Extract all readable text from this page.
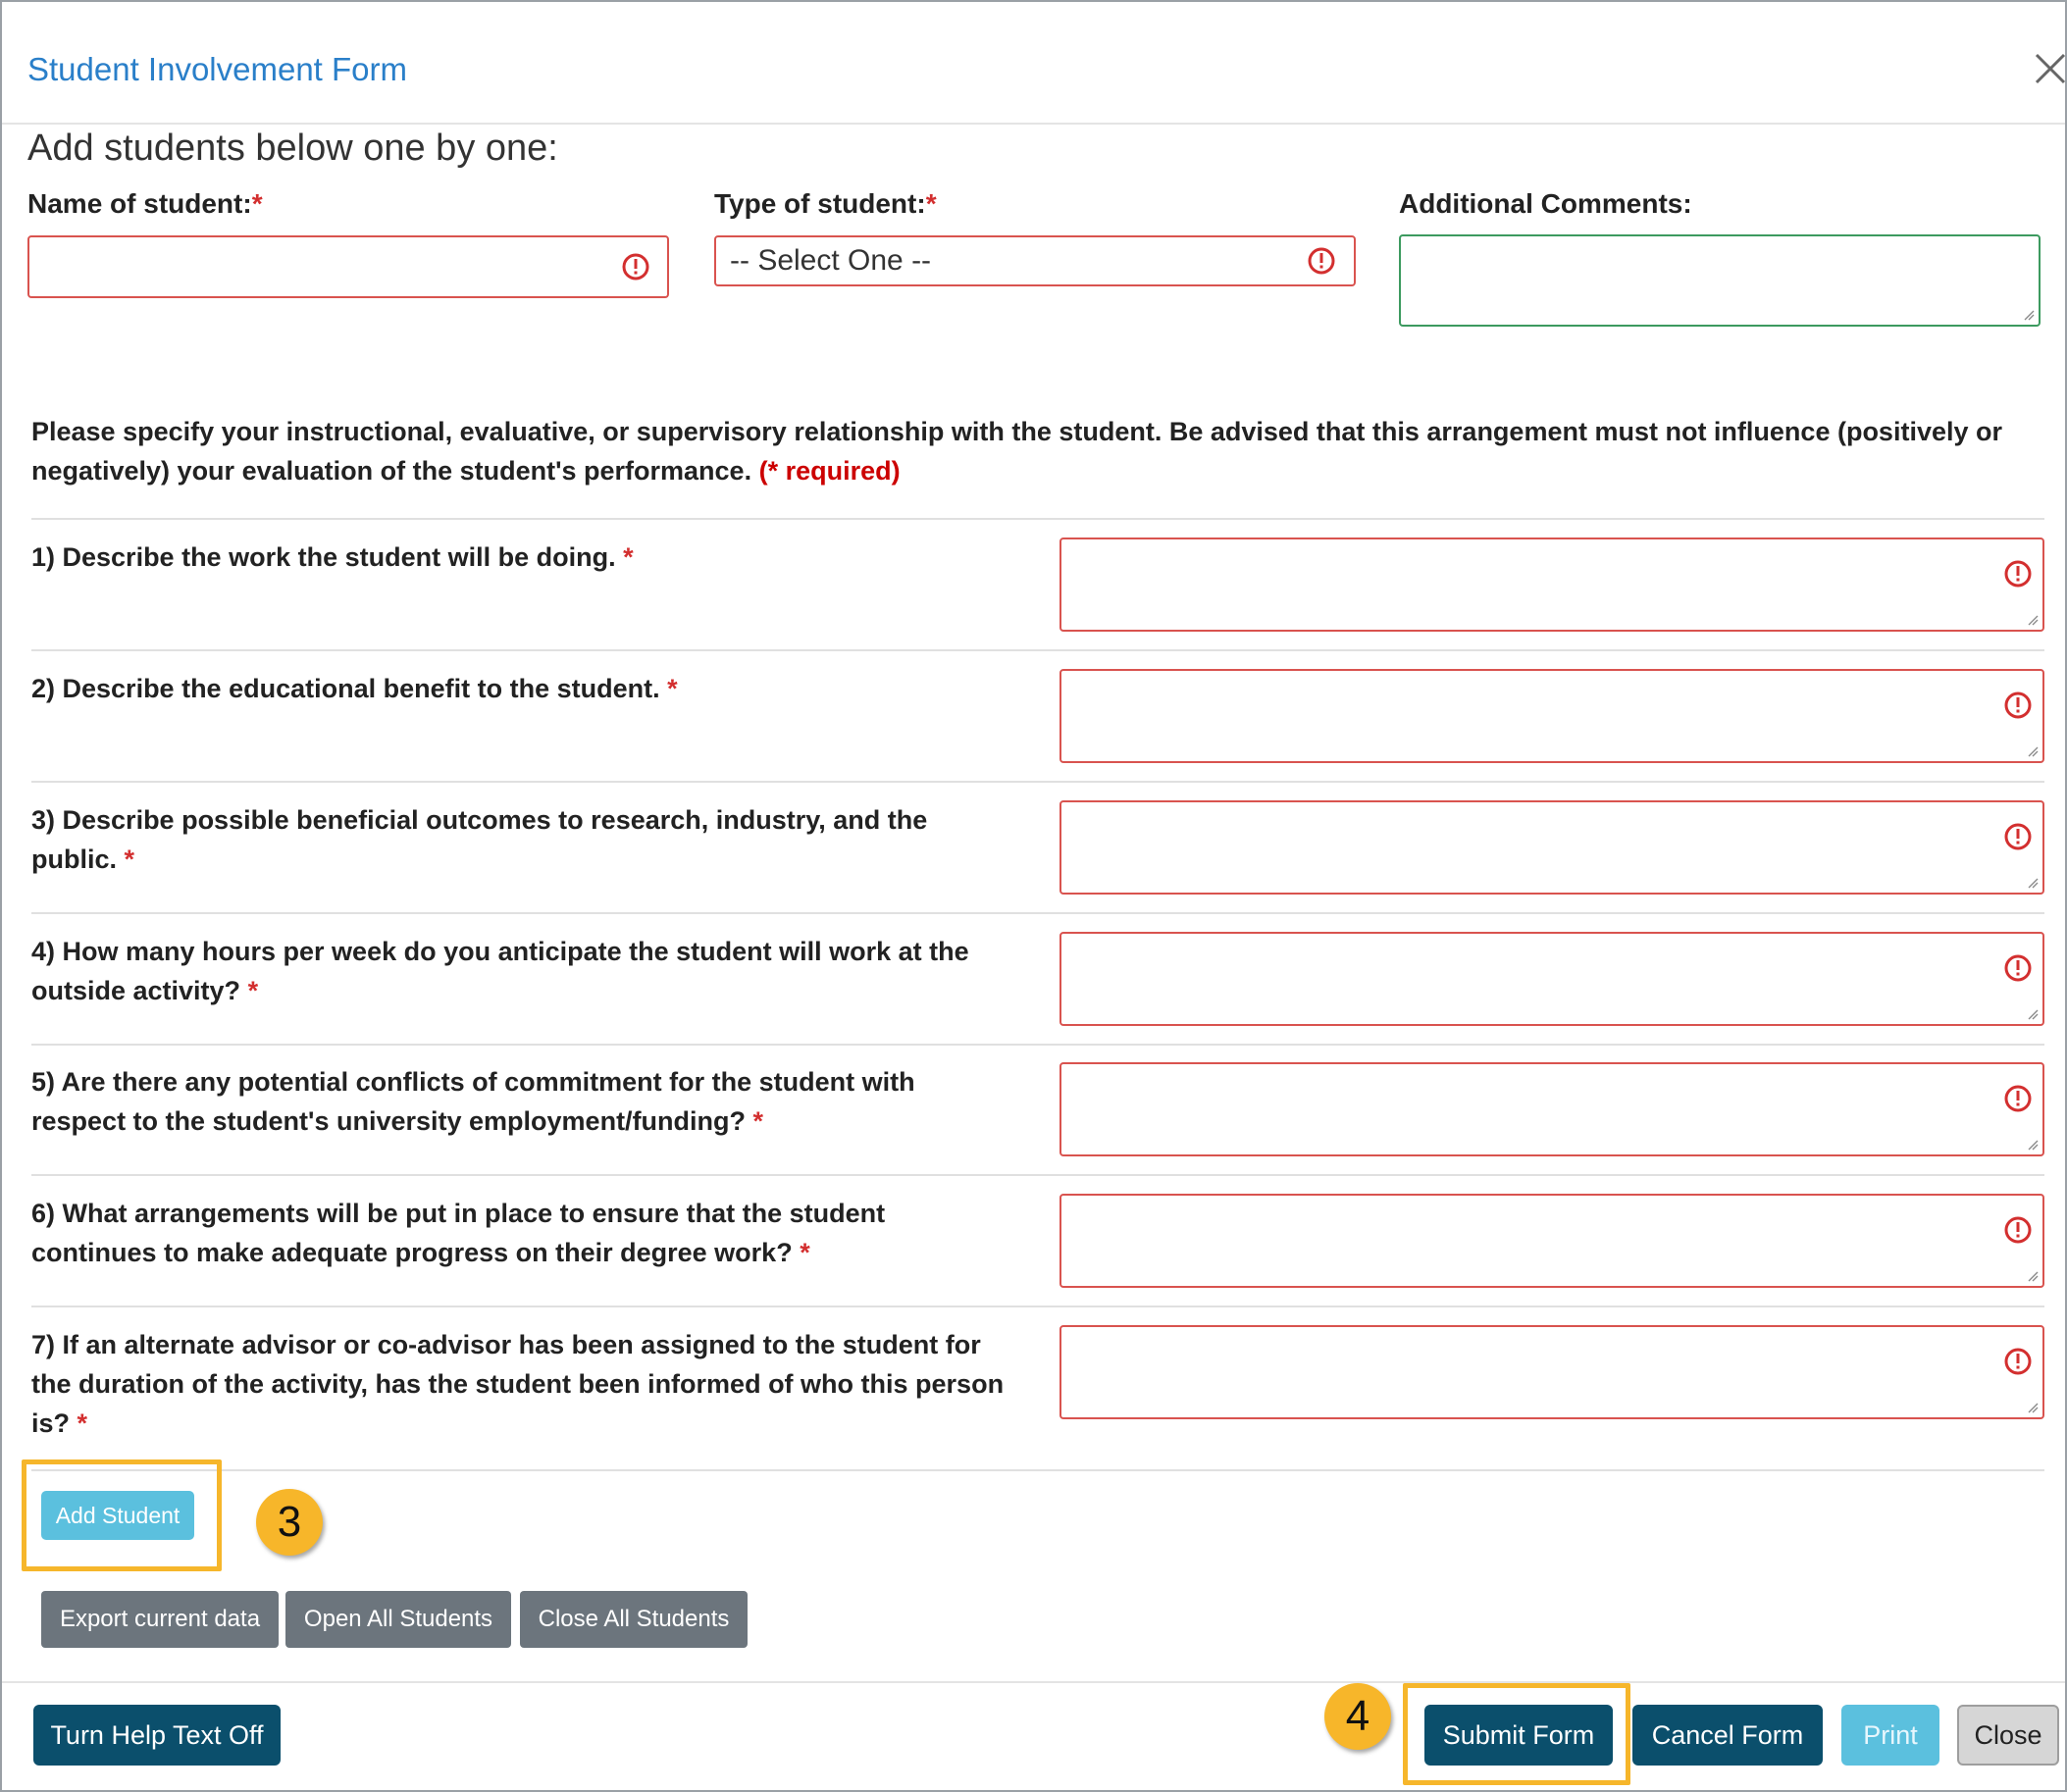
Student Involvement Form
Add students below one by one:
Name of student:*	Type of student:*	Additional Comments:
-- Select One --
Please specify your instructional, evaluative, or supervisory relationship with the student. Be advised that this arrangement must not influence (positively or negatively) your evaluation of the student's performance. (* required)
1) Describe the work the student will be doing. *
2) Describe the educational benefit to the student. *
3) Describe possible beneficial outcomes to research, industry, and the public. *
4) How many hours per week do you anticipate the student will work at the outside activity? *
5) Are there any potential conflicts of commitment for the student with respect to the student's university employment/funding? *
6) What arrangements will be put in place to ensure that the student continues to make adequate progress on their degree work? *
7) If an alternate advisor or co-advisor has been assigned to the student for the duration of the activity, has the student been informed of who this person is? *
Add Student	3
Export current data	Open All Students	Close All Students
Turn Help Text Off	4	Submit Form	Cancel Form	Print	Close
